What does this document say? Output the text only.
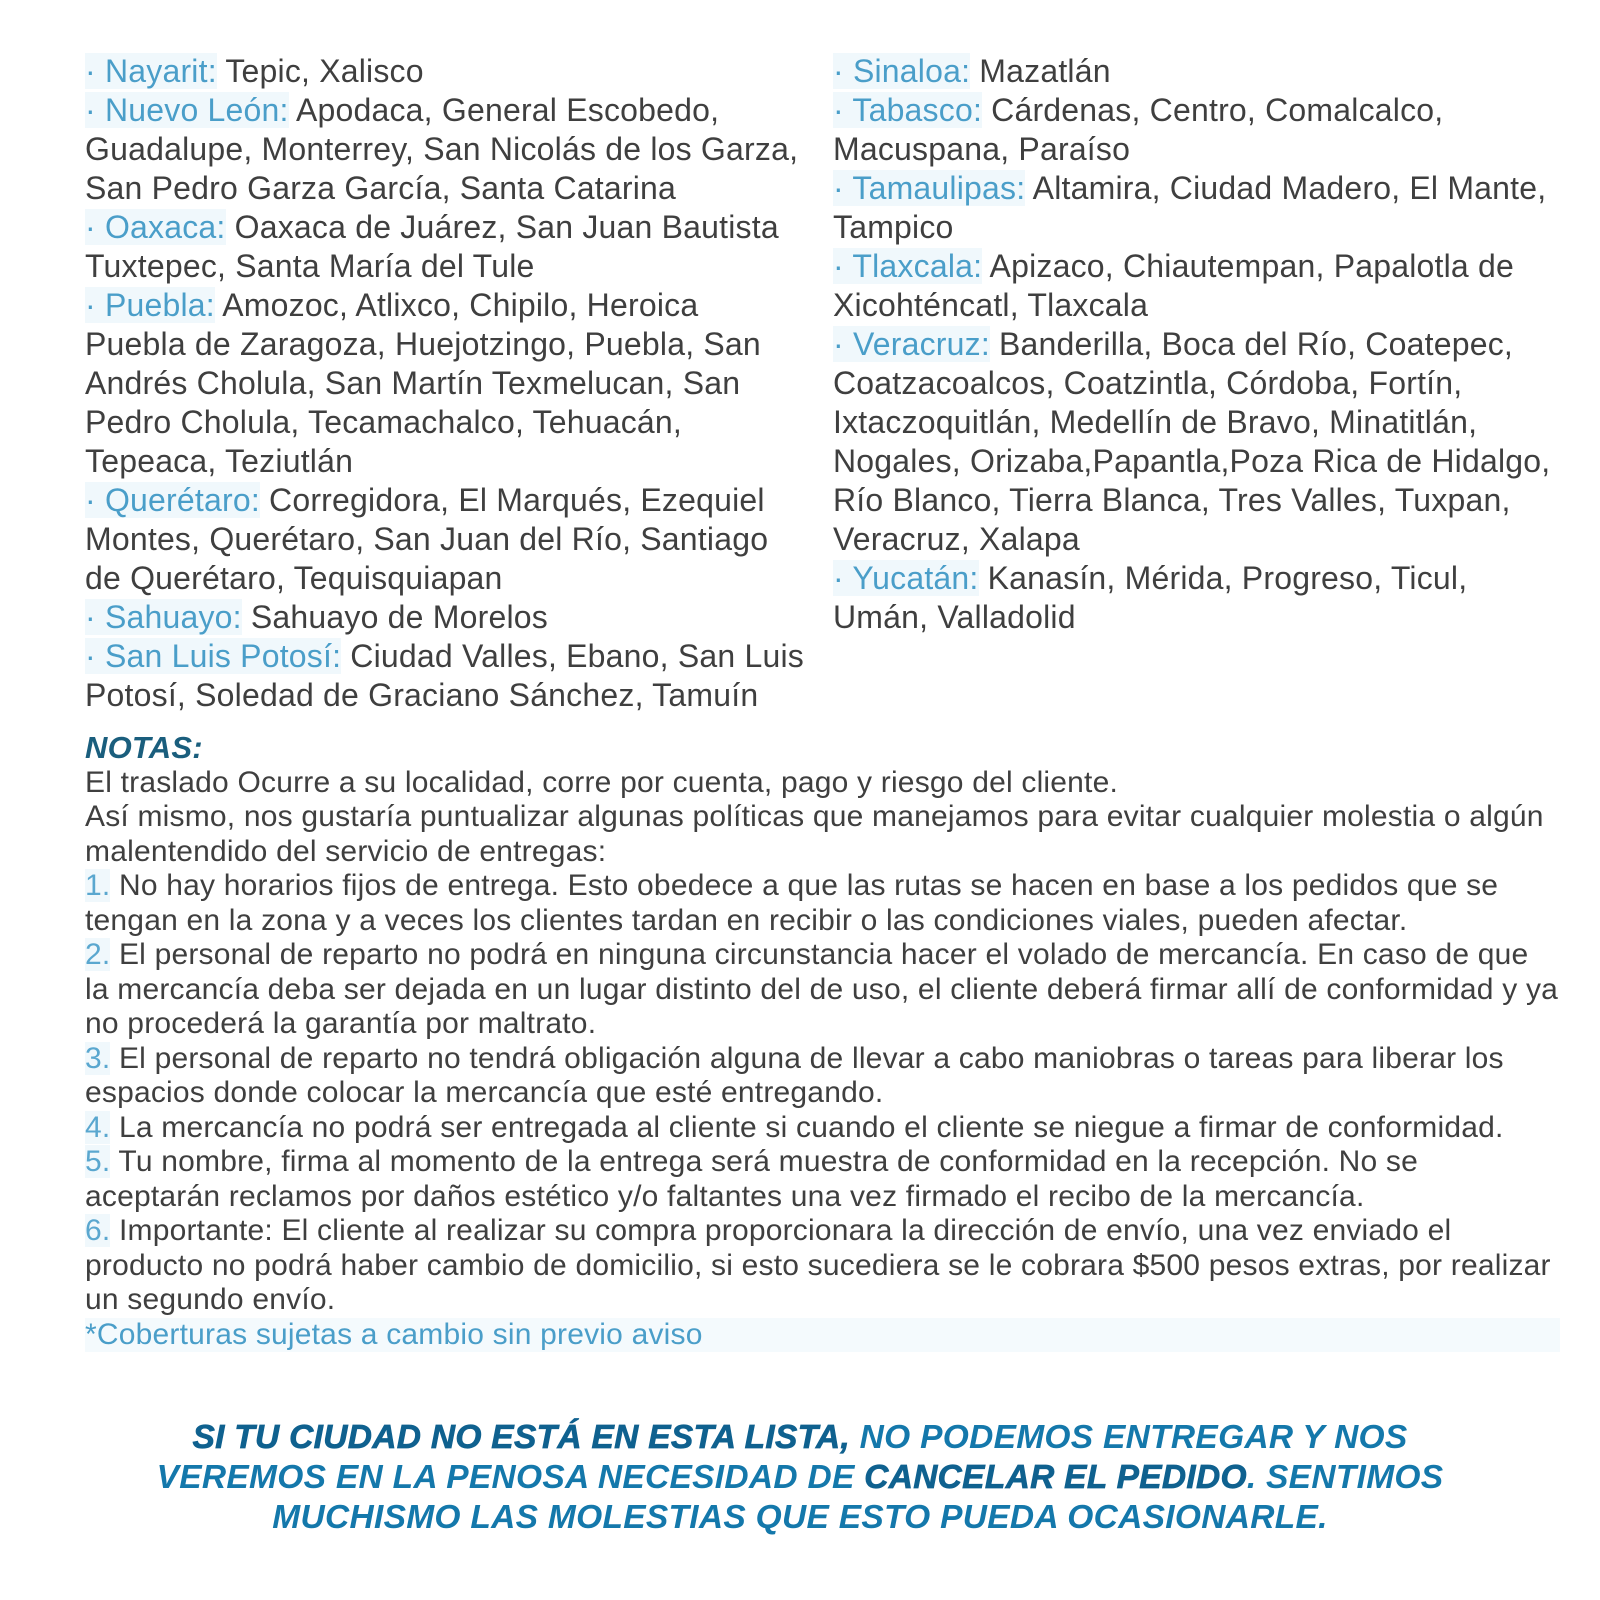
· Nayarit: Tepic, Xalisco

· Nuevo León: Apodaca, General Escobedo, Guadalupe, Monterrey, San Nicolás de los Garza, San Pedro Garza García, Santa Catarina

· Oaxaca: Oaxaca de Juárez, San Juan Bautista Tuxtepec, Santa María del Tule

· Puebla: Amozoc, Atlixco, Chipilo, Heroica Puebla de Zaragoza, Huejotzingo, Puebla, San Andrés Cholula, San Martín Texmelucan, San Pedro Cholula, Tecamachalco, Tehuacán, Tepeaca, Teziutlán

· Querétaro: Corregidora, El Marqués, Ezequiel Montes, Querétaro, San Juan del Río, Santiago de Querétaro, Tequisquiapan

· Sahuayo: Sahuayo de Morelos

· San Luis Potosí: Ciudad Valles, Ebano, San Luis Potosí, Soledad de Graciano Sánchez, Tamuín

· Sinaloa: Mazatlán

· Tabasco: Cárdenas, Centro, Comalcalco, Macuspana, Paraíso

· Tamaulipas: Altamira, Ciudad Madero, El Mante, Tampico

· Tlaxcala: Apizaco, Chiautempan, Papalotla de Xicohténcatl, Tlaxcala

· Veracruz: Banderilla, Boca del Río, Coatepec, Coatzacoalcos, Coatzintla, Córdoba, Fortín, Ixtaczoquitlán, Medellín de Bravo, Minatitlán, Nogales, Orizaba,Papantla,Poza Rica de Hidalgo, Río Blanco, Tierra Blanca, Tres Valles, Tuxpan, Veracruz, Xalapa

· Yucatán: Kanasín, Mérida, Progreso, Ticul, Umán, Valladolid

NOTAS:

El traslado Ocurre a su localidad, corre por cuenta, pago y riesgo del cliente.

Así mismo, nos gustaría puntualizar algunas políticas que manejamos para evitar cualquier molestia o algún malentendido del servicio de entregas:

1. No hay horarios fijos de entrega. Esto obedece a que las rutas se hacen en base a los pedidos que se tengan en la zona y a veces los clientes tardan en recibir o las condiciones viales, pueden afectar.

2. El personal de reparto no podrá en ninguna circunstancia hacer el volado de mercancía. En caso de que la mercancía deba ser dejada en un lugar distinto del de uso, el cliente deberá firmar allí de conformidad y ya no procederá la garantía por maltrato.

3. El personal de reparto no tendrá obligación alguna de llevar a cabo maniobras o tareas para liberar los espacios donde colocar la mercancía que esté entregando.

4. La mercancía no podrá ser entregada al cliente si cuando el cliente se niegue a firmar de conformidad.

5. Tu nombre, firma al momento de la entrega será muestra de conformidad en la recepción. No se aceptarán reclamos por daños estético y/o faltantes una vez firmado el recibo de la mercancía.

6. Importante: El cliente al realizar su compra proporcionara la dirección de envío, una vez enviado el producto no podrá haber cambio de domicilio, si esto sucediera se le cobrara $500 pesos extras, por realizar un segundo envío.

*Coberturas sujetas a cambio sin previo aviso

SI TU CIUDAD NO ESTÁ EN ESTA LISTA, NO PODEMOS ENTREGAR Y NOS VEREMOS EN LA PENOSA NECESIDAD DE CANCELAR EL PEDIDO. SENTIMOS MUCHISMO LAS MOLESTIAS QUE ESTO PUEDA OCASIONARLE.
